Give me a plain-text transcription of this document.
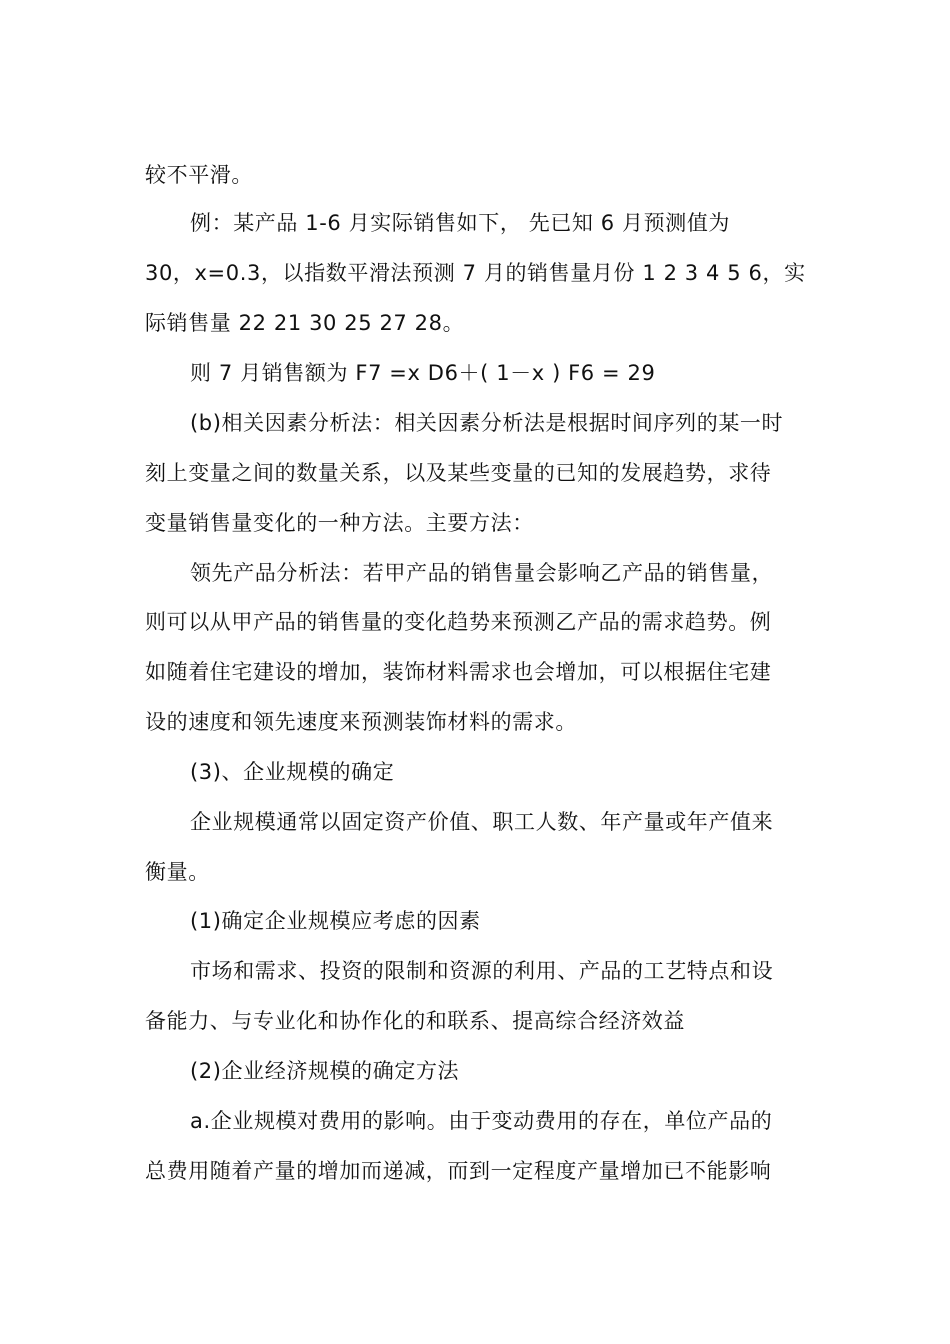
较不平滑。
例：某产品 1-6 月实际销售如下， 先已知 6 月预测值为
30，x=0.3，以指数平滑法预测 7 月的销售量月份 1 2 3 4 5 6，实
际销售量 22 21 30 25 27 28。
则 7 月销售额为 F7 =x D6＋( 1－x ) F6 = 29
(b)相关因素分析法：相关因素分析法是根据时间序列的某一时
刻上变量之间的数量关系，以及某些变量的已知的发展趋势，求待
变量销售量变化的一种方法。主要方法：
领先产品分析法：若甲产品的销售量会影响乙产品的销售量，
则可以从甲产品的销售量的变化趋势来预测乙产品的需求趋势。例
如随着住宅建设的增加，装饰材料需求也会增加，可以根据住宅建
设的速度和领先速度来预测装饰材料的需求。
(3)、企业规模的确定
企业规模通常以固定资产价值、职工人数、年产量或年产值来
衡量。
(1)确定企业规模应考虑的因素
市场和需求、投资的限制和资源的利用、产品的工艺特点和设
备能力、与专业化和协作化的和联系、提高综合经济效益
(2)企业经济规模的确定方法
a.企业规模对费用的影响。由于变动费用的存在，单位产品的
总费用随着产量的增加而递减，而到一定程度产量增加已不能影响
